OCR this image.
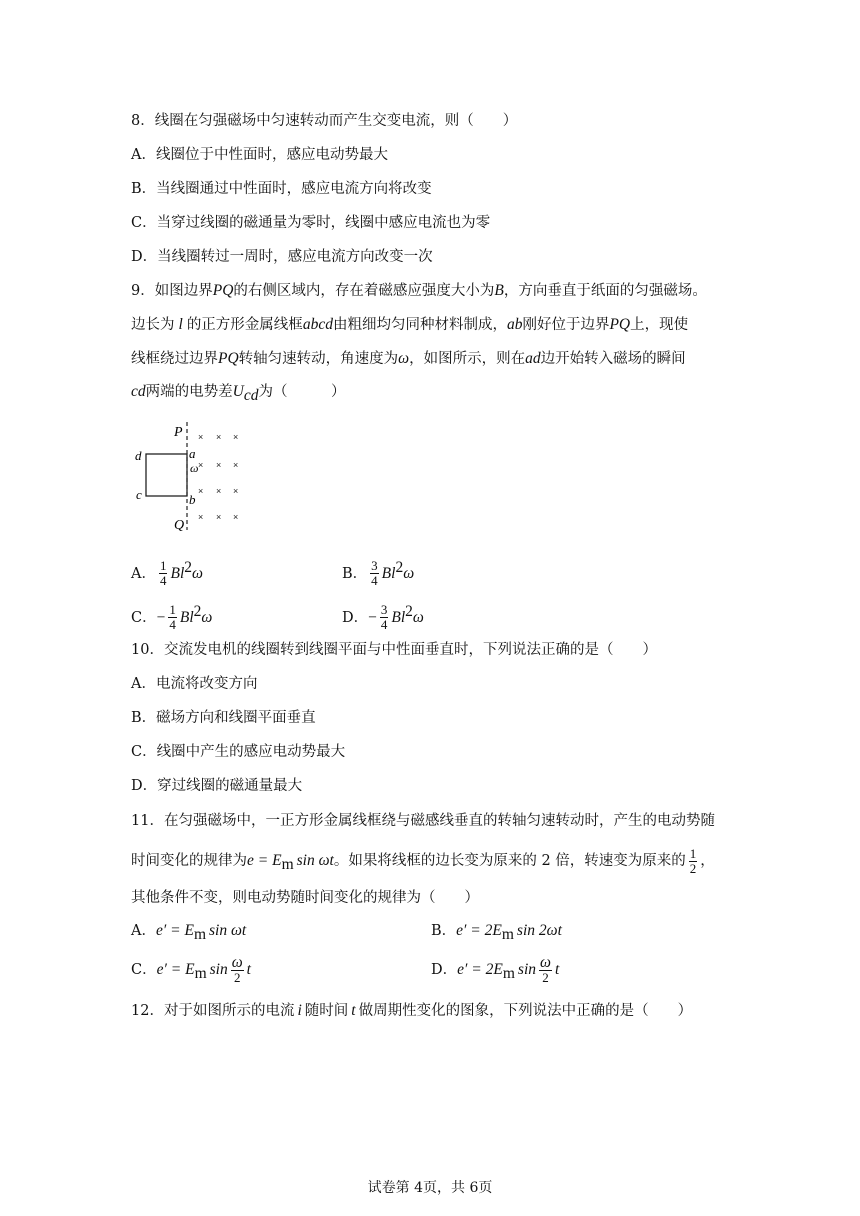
8．线圈在匀强磁场中匀速转动而产生交变电流，则（　　）
A．线圈位于中性面时，感应电动势最大
B．当线圈通过中性面时，感应电流方向将改变
C．当穿过线圈的磁通量为零时，线圈中感应电流也为零
D．当线圈转过一周时，感应电流方向改变一次
9．如图边界PQ的右侧区域内，存在着磁感应强度大小为B，方向垂直于纸面的匀强磁场。
边长为 l 的正方形金属线框abcd由粗细均匀同种材料制成，ab刚好位于边界PQ上，现使
线框绕过边界PQ转轴匀速转动，角速度为ω，如图所示，则在ad边开始转入磁场的瞬间
cd两端的电势差$U_{cd}$为（　　　）
P
Q
d
c
a
ω
b
× × ×
× × ×
× × ×
× × ×
A． $\frac{1}{4} Bl^2\omega$	B． $\frac{3}{4} Bl^2\omega$
C．− $\frac{1}{4} Bl^2\omega$	D．− $\frac{3}{4} Bl^2\omega$
10．交流发电机的线圈转到线圈平面与中性面垂直时，下列说法正确的是（　　）
A．电流将改变方向
B．磁场方向和线圈平面垂直
C．线圈中产生的感应电动势最大
D．穿过线圈的磁通量最大
11．在匀强磁场中，一正方形金属线框绕与磁感线垂直的转轴匀速转动时，产生的电动势随
时间变化的规律为$e = E_m$ sin ωt。如果将线框的边长变为原来的 2 倍，转速变为原来的 $\frac{1}{2}$ ，
其他条件不变，则电动势随时间变化的规律为（　　）
A．$e' = E_m$ sin ωt	B．$e' = 2E_m$ sin 2ωt
C．$e' = E_m$ $\sin \frac{\omega}{2}$ t	D．$e' = 2E_m$ $\sin \frac{\omega}{2}$ t
12．对于如图所示的电流 i 随时间 t 做周期性变化的图象，下列说法中正确的是（　　）
试卷第 4页，共 6页
